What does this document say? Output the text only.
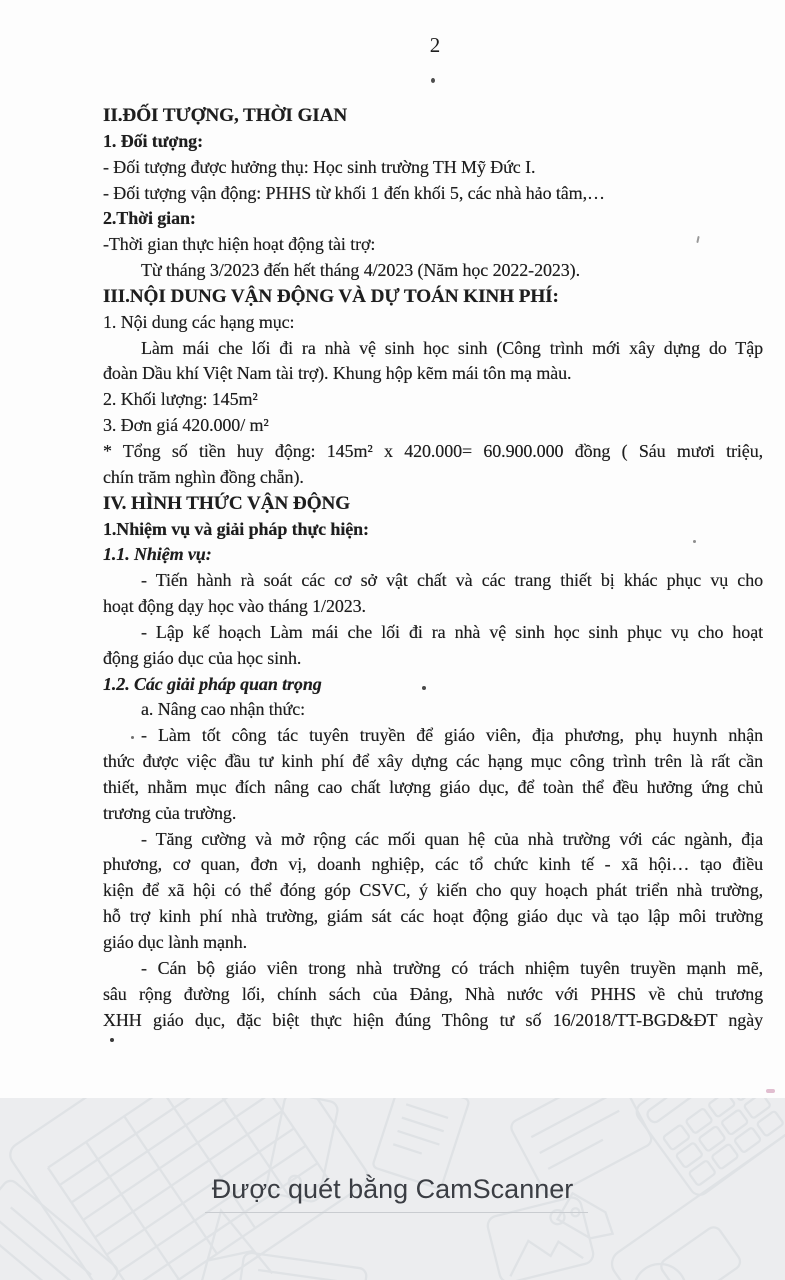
2
II.ĐỐI TƯỢNG, THỜI GIAN
1. Đối tượng:
- Đối tượng được hưởng thụ: Học sinh trường TH Mỹ Đức I.
- Đối tượng vận động: PHHS từ khối 1 đến khối 5, các nhà hảo tâm,…
2.Thời gian:
-Thời gian thực hiện hoạt động tài trợ:
Từ tháng 3/2023 đến hết tháng 4/2023 (Năm học 2022-2023).
III.NỘI DUNG VẬN ĐỘNG VÀ DỰ TOÁN KINH PHÍ:
1. Nội dung các hạng mục:
Làm mái che lối đi ra nhà vệ sinh học sinh (Công trình mới xây dựng do Tập
đoàn Dầu khí Việt Nam tài trợ). Khung hộp kẽm mái tôn mạ màu.
2. Khối lượng: 145m²
3. Đơn giá 420.000/ m²
* Tổng số tiền huy động: 145m² x 420.000= 60.900.000 đồng ( Sáu mươi triệu,
chín trăm nghìn đồng chẵn).
IV. HÌNH THỨC VẬN ĐỘNG
1.Nhiệm vụ và giải pháp thực hiện:
1.1. Nhiệm vụ:
- Tiến hành rà soát các cơ sở vật chất và các trang thiết bị khác phục vụ cho
hoạt động dạy học vào tháng 1/2023.
- Lập kế hoạch Làm mái che lối đi ra nhà vệ sinh học sinh phục vụ cho hoạt
động giáo dục của học sinh.
1.2. Các giải pháp quan trọng
a. Nâng cao nhận thức:
- Làm tốt công tác tuyên truyền để giáo viên, địa phương, phụ huynh nhận
thức được việc đầu tư kinh phí để xây dựng các hạng mục công trình trên là rất cần
thiết, nhằm mục đích nâng cao chất lượng giáo dục, để toàn thể đều hưởng ứng chủ
trương của trường.
- Tăng cường và mở rộng các mối quan hệ của nhà trường với các ngành, địa
phương, cơ quan, đơn vị, doanh nghiệp, các tổ chức kinh tế - xã hội… tạo điều
kiện để xã hội có thể đóng góp CSVC, ý kiến cho quy hoạch phát triển nhà trường,
hỗ trợ kinh phí nhà trường, giám sát các hoạt động giáo dục và tạo lập môi trường
giáo dục lành mạnh.
- Cán bộ giáo viên trong nhà trường có trách nhiệm tuyên truyền mạnh mẽ,
sâu rộng đường lối, chính sách của Đảng, Nhà nước với PHHS về chủ trương
XHH giáo dục, đặc biệt thực hiện đúng Thông tư số 16/2018/TT-BGD&ĐT ngày
Được quét bằng CamScanner
